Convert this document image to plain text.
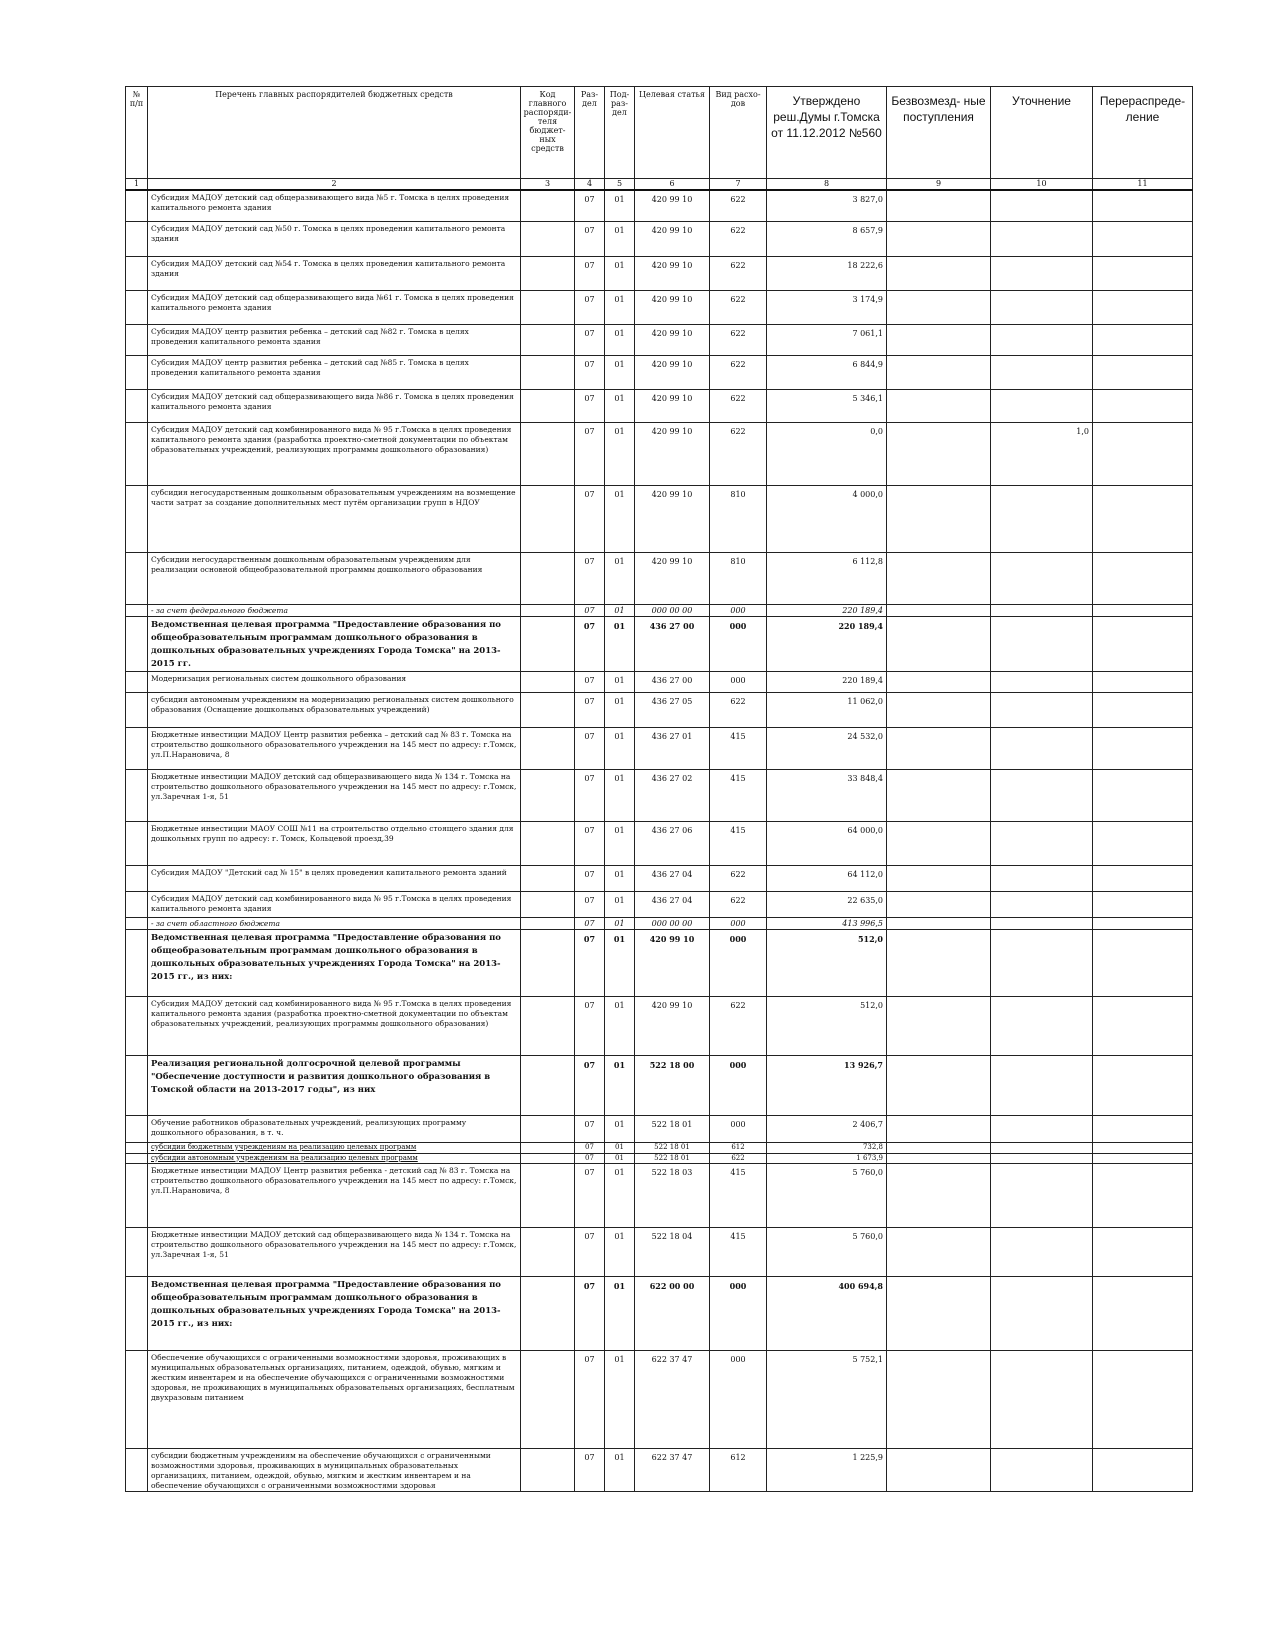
№ п/п	Перечень главных распорядителей бюджетных средств	Код главного распоряди- теля бюджет- ных средств	Раз- дел	Под- раз- дел	Целевая статья	Вид расхо- дов	Утверждено реш.Думы г.Томска от 11.12.2012 №560	Безвозмезд- ные поступления	Уточнение	Перераспреде- ление
1	2	3	4	5	6	7	8	9	10	11
	Субсидия МАДОУ детский сад общеразвивающего вида №5 г. Томска в целях проведения капитального ремонта здания		07	01	420 99 10	622	3 827,0			
	Субсидия МАДОУ детский сад №50 г. Томска в целях проведения капитального ремонта здания		07	01	420 99 10	622	8 657,9			
	Субсидия МАДОУ детский сад №54 г. Томска в целях проведения капитального ремонта здания		07	01	420 99 10	622	18 222,6			
	Субсидия МАДОУ детский сад общеразвивающего вида №61 г. Томска в целях проведения капитального ремонта здания		07	01	420 99 10	622	3 174,9			
	Субсидия МАДОУ центр развития ребенка – детский сад №82 г. Томска в целях проведения капитального ремонта здания		07	01	420 99 10	622	7 061,1			
	Субсидия МАДОУ центр развития ребенка – детский сад №85 г. Томска в целях проведения капитального ремонта здания		07	01	420 99 10	622	6 844,9			
	Субсидия МАДОУ детский сад общеразвивающего вида №86 г. Томска в целях проведения капитального ремонта здания		07	01	420 99 10	622	5 346,1			
	Субсидия МАДОУ детский сад комбинированного вида № 95 г.Томска в целях проведения капитального ремонта здания (разработка проектно-сметной документации по объектам образовательных учреждений, реализующих программы дошкольного образования)		07	01	420 99 10	622	0,0		1,0	
	субсидия негосударственным дошкольным образовательным учреждениям на возмещение части затрат за создание дополнительных мест путём организации групп в НДОУ		07	01	420 99 10	810	4 000,0			
	Субсидии негосударственным дошкольным образовательным учреждениям для реализации основной общеобразовательной программы дошкольного образования		07	01	420 99 10	810	6 112,8			
	- за счет федерального бюджета		07	01	000 00 00	000	220 189,4			
	Ведомственная целевая программа "Предоставление образования по общеобразовательным программам дошкольного образования в дошкольных образовательных учреждениях Города Томска" на 2013-2015 гг.		07	01	436 27 00	000	220 189,4			
	Модернизация региональных систем дошкольного образования		07	01	436 27 00	000	220 189,4			
	субсидия автономным учреждениям на модернизацию региональных систем дошкольного образования (Оснащение дошкольных образовательных учреждений)		07	01	436 27 05	622	11 062,0			
	Бюджетные инвестиции МАДОУ Центр развития ребенка – детский сад № 83 г. Томска на строительство дошкольного образовательного учреждения на 145 мест по адресу: г.Томск, ул.П.Нарановича, 8		07	01	436 27 01	415	24 532,0			
	Бюджетные инвестиции МАДОУ детский сад общеразвивающего вида № 134 г. Томска на строительство дошкольного образовательного учреждения на 145 мест по адресу: г.Томск, ул.Заречная 1-я, 51		07	01	436 27 02	415	33 848,4			
	Бюджетные инвестиции МАОУ СОШ №11 на строительство отдельно стоящего здания для дошкольных групп по адресу: г. Томск, Кольцевой проезд,39		07	01	436 27 06	415	64 000,0			
	Субсидия МАДОУ "Детский сад № 15" в целях проведения капитального ремонта зданий		07	01	436 27 04	622	64 112,0			
	Субсидия МАДОУ детский сад комбинированного вида № 95 г.Томска в целях проведения капитального ремонта здания		07	01	436 27 04	622	22 635,0			
	- за счет областного бюджета		07	01	000 00 00	000	413 996,5			
	Ведомственная целевая программа "Предоставление образования по общеобразовательным программам дошкольного образования в дошкольных образовательных учреждениях Города Томска" на 2013-2015 гг., из них:		07	01	420 99 10	000	512,0			
	Субсидия МАДОУ детский сад комбинированного вида № 95 г.Томска в целях проведения капитального ремонта здания (разработка проектно-сметной документации по объектам образовательных учреждений, реализующих программы дошкольного образования)		07	01	420 99 10	622	512,0			
	Реализация региональной долгосрочной целевой программы "Обеспечение доступности и развития дошкольного образования в Томской области на 2013-2017 годы", из них		07	01	522 18 00	000	13 926,7			
	Обучение работников образовательных учреждений, реализующих программу дошкольного образования, в т. ч.		07	01	522 18 01	000	2 406,7			
	субсидии бюджетным учреждениям на реализацию целевых программ		07	01	522 18 01	612	732,8			
	субсидии автономным учреждениям на реализацию целевых программ		07	01	522 18 01	622	1 673,9			
	Бюджетные инвестиции МАДОУ Центр развития ребенка - детский сад № 83 г. Томска на строительство дошкольного образовательного учреждения на 145 мест по адресу: г.Томск, ул.П.Нарановича, 8		07	01	522 18 03	415	5 760,0			
	Бюджетные инвестиции МАДОУ детский сад общеразвивающего вида № 134 г. Томска на строительство дошкольного образовательного учреждения на 145 мест по адресу: г.Томск, ул.Заречная 1-я, 51		07	01	522 18 04	415	5 760,0			
	Ведомственная целевая программа "Предоставление образования по общеобразовательным программам дошкольного образования в дошкольных образовательных учреждениях Города Томска" на 2013-2015 гг., из них:		07	01	622 00 00	000	400 694,8			
	Обеспечение обучающихся с ограниченными возможностями здоровья, проживающих в муниципальных образовательных организациях, питанием, одеждой, обувью, мягким и жестким инвентарем и на обеспечение обучающихся с ограниченными возможностями здоровья, не проживающих в муниципальных образовательных организациях, бесплатным двухразовым питанием		07	01	622 37 47	000	5 752,1			
	субсидии бюджетным учреждениям на обеспечение обучающихся с ограниченными возможностями здоровья, проживающих в муниципальных образовательных организациях, питанием, одеждой, обувью, мягким и жестким инвентарем и на обеспечение обучающихся с ограниченными возможностями здоровья		07	01	622 37 47	612	1 225,9			
